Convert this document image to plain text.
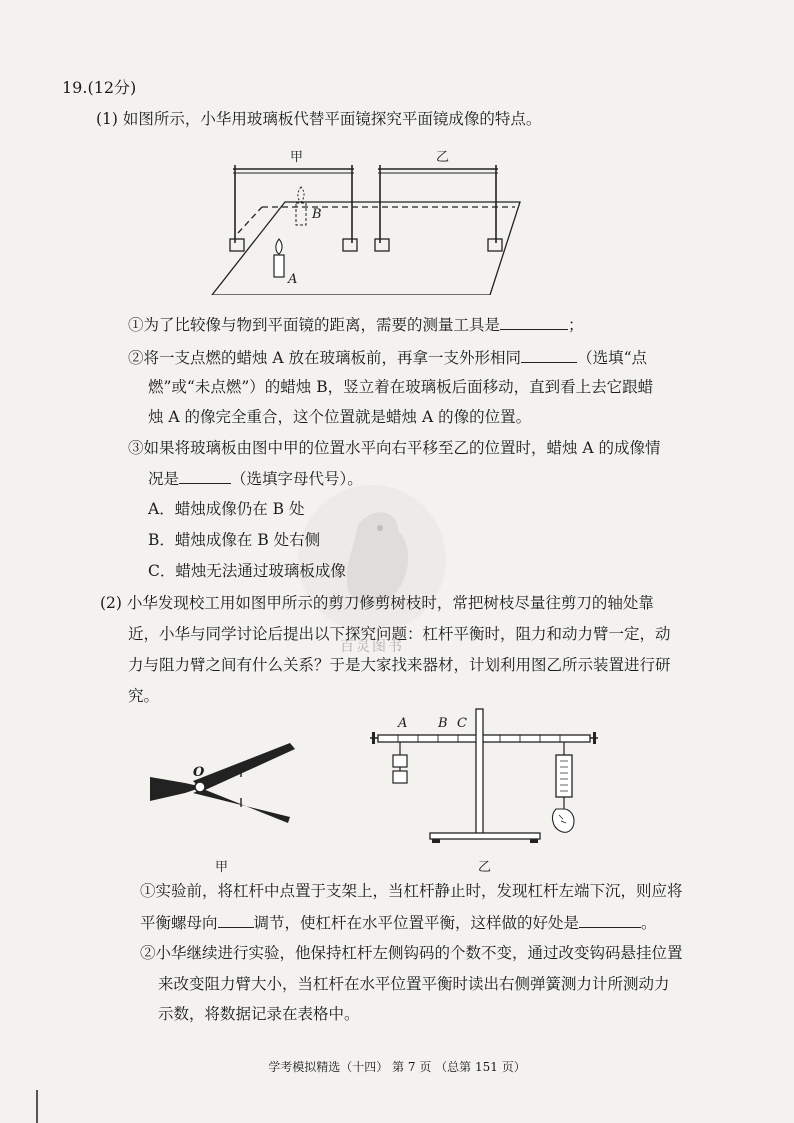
百灵图书
19.(12分)
(1) 如图所示，小华用玻璃板代替平面镜探究平面镜成像的特点。
甲	乙
B
A
①为了比较像与物到平面镜的距离，需要的测量工具是	；
②将一支点燃的蜡烛 A 放在玻璃板前，再拿一支外形相同	（选填“点
燃”或“未点燃”）的蜡烛 B，竖立着在玻璃板后面移动，直到看上去它跟蜡
烛 A 的像完全重合，这个位置就是蜡烛 A 的像的位置。
③如果将玻璃板由图中甲的位置水平向右平移至乙的位置时，蜡烛 A 的成像情
况是	（选填字母代号）。
A．蜡烛成像仍在 B 处
B．蜡烛成像在 B 处右侧
C．蜡烛无法通过玻璃板成像
(2) 小华发现校工用如图甲所示的剪刀修剪树枝时，常把树枝尽量往剪刀的轴处靠
近，小华与同学讨论后提出以下探究问题：杠杆平衡时，阻力和动力臂一定，动
力与阻力臂之间有什么关系？于是大家找来器材，计划利用图乙所示装置进行研
究。
O
甲
A B C
乙
①实验前，将杠杆中点置于支架上，当杠杆静止时，发现杠杆左端下沉，则应将
平衡螺母向 调节，使杠杆在水平位置平衡，这样做的好处是	。
②小华继续进行实验，他保持杠杆左侧钩码的个数不变，通过改变钩码悬挂位置
来改变阻力臂大小，当杠杆在水平位置平衡时读出右侧弹簧测力计所测动力
示数，将数据记录在表格中。
学考模拟精选（十四） 第 7 页 （总第 151 页）
